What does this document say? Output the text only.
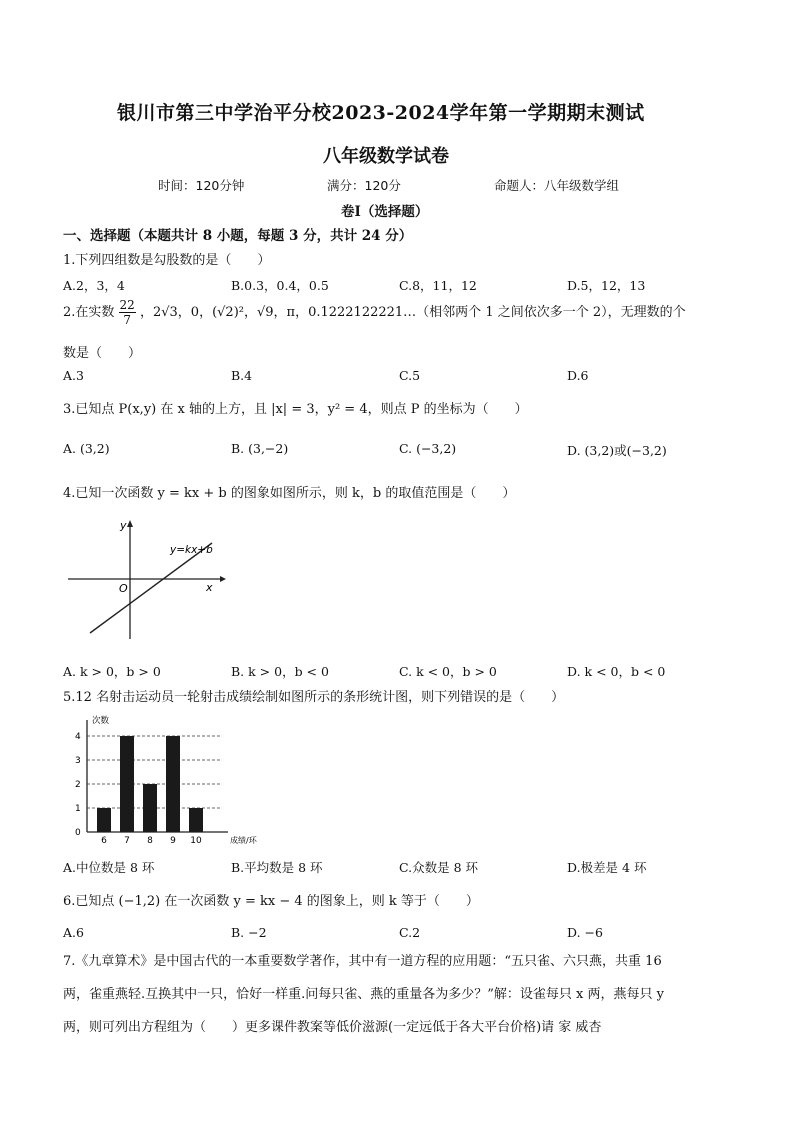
银川市第三中学治平分校2023-2024学年第一学期期末测试
八年级数学试卷
时间：120分钟	满分：120分	命题人：八年级数学组
卷Ⅰ（选择题）
一、选择题（本题共计 8 小题，每题 3 分，共计 24 分）
1.下列四组数是勾股数的是（　　）
A.2，3，4	B.0.3，0.4，0.5	C.8，11，12	D.5，12，13
2.在实数 $\frac{22}{7}$ ，2√3，0，(√2)²，√9，π，0.1222122221…（相邻两个 1 之间依次多一个 2），无理数的个
数是（　　）
A.3	B.4	C.5	D.6
3.已知点 P(x,y) 在 x 轴的上方，且 |x| = 3，y² = 4，则点 P 的坐标为（　　）
A. (3,2)	B. (3,−2)	C. (−3,2)	D. (3,2)或(−3,2)
4.已知一次函数 y = kx + b 的图象如图所示，则 k，b 的取值范围是（　　）
y
x
O
y=kx+b
A. k > 0，b > 0	B. k > 0，b < 0	C. k < 0，b > 0	D. k < 0，b < 0
5.12 名射击运动员一轮射击成绩绘制如图所示的条形统计图，则下列错误的是（　　）
次数
成绩/环
0
1
2
3
4
6 7 8 9 10
A.中位数是 8 环	B.平均数是 8 环	C.众数是 8 环	D.极差是 4 环
6.已知点 (−1,2) 在一次函数 y = kx − 4 的图象上，则 k 等于（　　）
A.6	B. −2	C.2	D. −6
7.《九章算术》是中国古代的一本重要数学著作，其中有一道方程的应用题：“五只雀、六只燕，共重 16
两，雀重燕轻.互换其中一只，恰好一样重.问每只雀、燕的重量各为多少？”解：设雀每只 x 两，燕每只 y
两，则可列出方程组为（　　）更多课件教案等低价滋源(一定远低于各大平台价格)请 家 威杏
